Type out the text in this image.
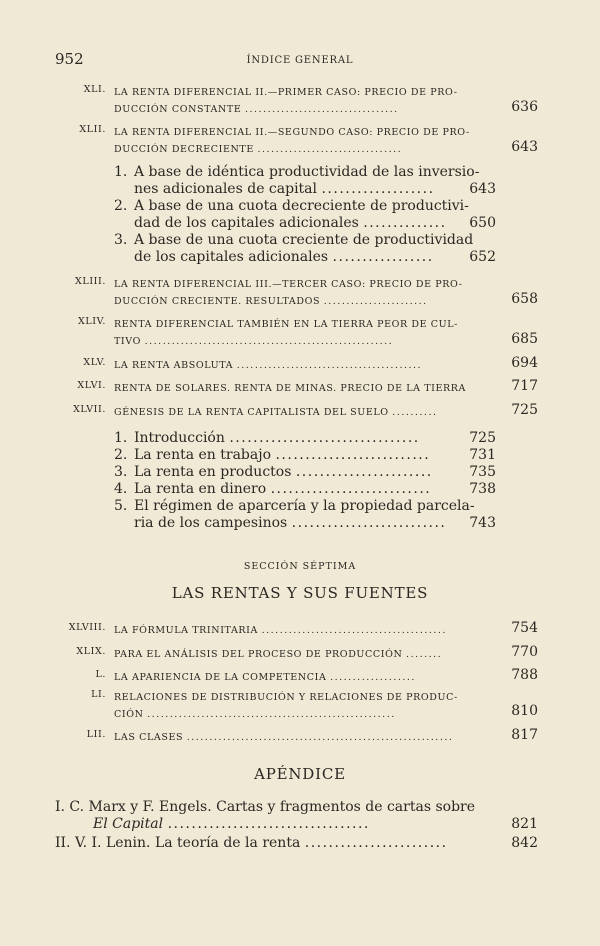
952	ÍNDICE GENERAL
XLI. LA RENTA DIFERENCIAL II.—PRIMER CASO: PRECIO DE PRO-
DUCCIÓN CONSTANTE ..................................	636
XLII. LA RENTA DIFERENCIAL II.—SEGUNDO CASO: PRECIO DE PRO-
DUCCIÓN DECRECIENTE ................................	643
1. A base de idéntica productividad de las inversio-
nes adicionales de capital ...................	643
2. A base de una cuota decreciente de productivi-
dad de los capitales adicionales ..............	650
3. A base de una cuota creciente de productividad
de los capitales adicionales .................	652
XLIII. LA RENTA DIFERENCIAL III.—TERCER CASO: PRECIO DE PRO-
DUCCIÓN CRECIENTE. RESULTADOS .......................	658
XLIV. RENTA DIFERENCIAL TAMBIÉN EN LA TIERRA PEOR DE CUL-
TIVO .......................................................	685
XLV. LA RENTA ABSOLUTA .........................................	694
XLVI. RENTA DE SOLARES. RENTA DE MINAS. PRECIO DE LA TIERRA	717
XLVII. GÉNESIS DE LA RENTA CAPITALISTA DEL SUELO ..........	725
1. Introducción ................................	725
2. La renta en trabajo ..........................	731
3. La renta en productos .......................	735
4. La renta en dinero ...........................	738
5. El régimen de aparcería y la propiedad parcela-
ria de los campesinos ..........................	743
SECCIÓN SÉPTIMA
LAS RENTAS Y SUS FUENTES
XLVIII. LA FÓRMULA TRINITARIA .........................................	754
XLIX. PARA EL ANÁLISIS DEL PROCESO DE PRODUCCIÓN ........	770
L. LA APARIENCIA DE LA COMPETENCIA ...................	788
LI. RELACIONES DE DISTRIBUCIÓN Y RELACIONES DE PRODUC-
CIÓN .......................................................	810
LII. LAS CLASES ...........................................................	817
APÉNDICE
I. C. Marx y F. Engels. Cartas y fragmentos de cartas sobre
El Capital ..................................	821
II. V. I. Lenin. La teoría de la renta ........................	842
